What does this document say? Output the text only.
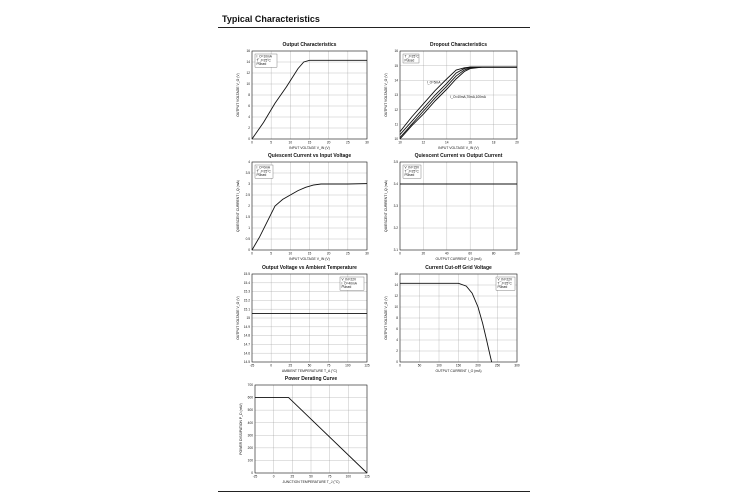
Typical Characteristics
Output Characteristics
0	5	10	15	20	25	30
0
2
4
6
8
10
12
14
16
INPUT VOLTAGE V_IN (V)
OUTPUT VOLTAGE V_O (V)
I_O=10mA
T_J=25°C
Pulsed
Dropout Characteristics
10	12	14	16	18	20
10
11
12
13
14
15
16
INPUT VOLTAGE V_IN (V)
OUTPUT VOLTAGE V_O (V)
T_J=25°C
Pulsed
I_O=5mA
I_O=40mA,70mA,100mA
Quiescent Current vs Input Voltage
0	5	10	15	20	25	30
0
0.5
1
1.5
2
2.5
3
3.5
4
INPUT VOLTAGE V_IN (V)
QUIESCENT CURRENT I_Q (mA)
I_O=0mA
T_J=25°C
Pulsed
Quiescent Current vs Output Current
0	20	40	60	80	100
3.1
3.2
3.3
3.4
3.5
OUTPUT CURRENT I_O (mA)
QUIESCENT CURRENT I_Q (mA)
V_IN=15V
T_J=25°C
Pulsed
Output Voltage vs Ambient Temperature
-25	0	25	50	75	100	125
14.5
14.6
14.7
14.8
14.9
15
15.1
15.2
15.3
15.4
15.5
AMBIENT TEMPERATURE T_A (°C)
OUTPUT VOLTAGE V_O (V)
V_IN=22V
I_O=40mA
Pulsed
Current Cut-off Grid Voltage
0	50	100	150	200	250	300
0
2
4
6
8
10
12
14
16
OUTPUT CURRENT I_O (mA)
OUTPUT VOLTAGE V_O (V)
V_IN=22V
T_J=25°C
Pulsed
Power Derating Curve
-25	0	25	50	75	100	125
0
100
200
300
400
500
600
700
JUNCTION TEMPERATURE T_J (°C)
POWER DISSIPATION P_D (mW)
